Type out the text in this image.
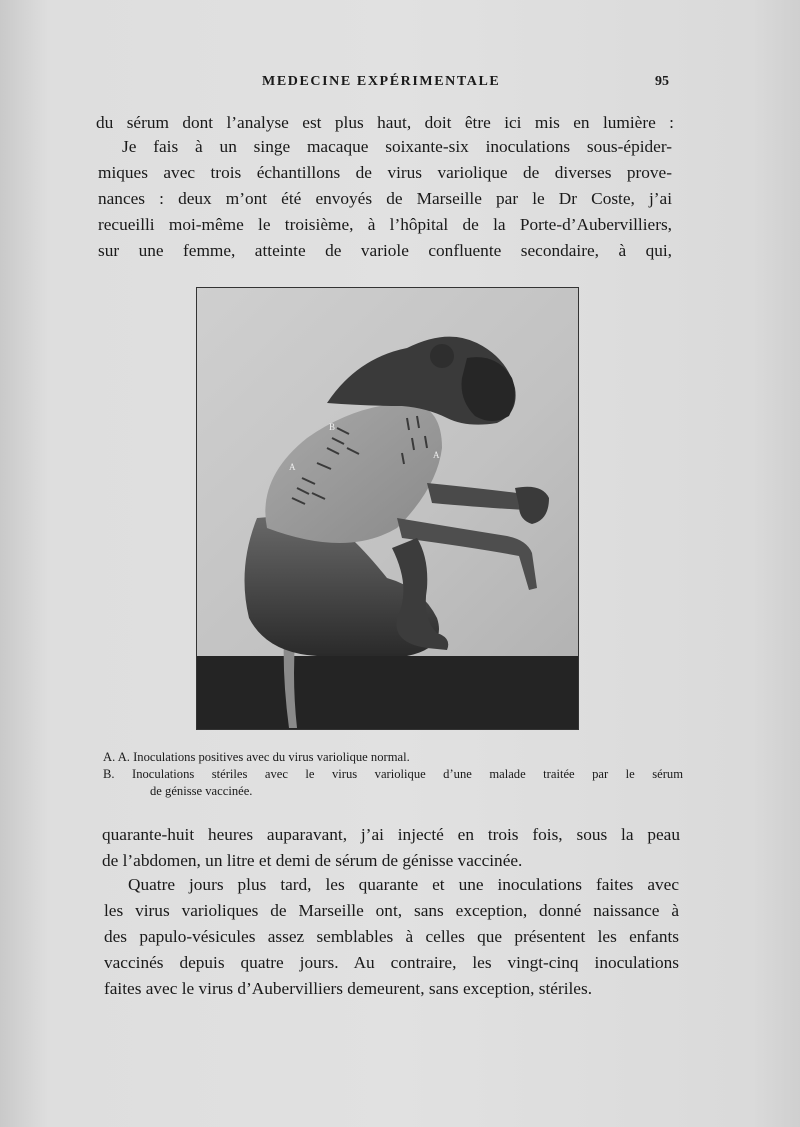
MEDECINE EXPÉRIMENTALE	95

du sérum dont l’analyse est plus haut, doit être ici mis en lumière :

Je fais à un singe macaque soixante-six inoculations sous-épider-
miques avec trois échantillons de virus variolique de diverses prove-
nances : deux m’ont été envoyés de Marseille par le Dr Coste, j’ai
recueilli moi-même le troisième, à l’hôpital de la Porte-d’Aubervilliers,
sur une femme, atteinte de variole confluente secondaire, à qui,

B
A
A
A. A. Inoculations positives avec du virus variolique normal.
B. Inoculations stériles avec le virus variolique d’une malade traitée par le sérum
de génisse vaccinée.

quarante-huit heures auparavant, j’ai injecté en trois fois, sous la peau
de l’abdomen, un litre et demi de sérum de génisse vaccinée.

Quatre jours plus tard, les quarante et une inoculations faites avec
les virus varioliques de Marseille ont, sans exception, donné naissance à
des papulo-vésicules assez semblables à celles que présentent les enfants
vaccinés depuis quatre jours. Au contraire, les vingt-cinq inoculations
faites avec le virus d’Aubervilliers demeurent, sans exception, stériles.
